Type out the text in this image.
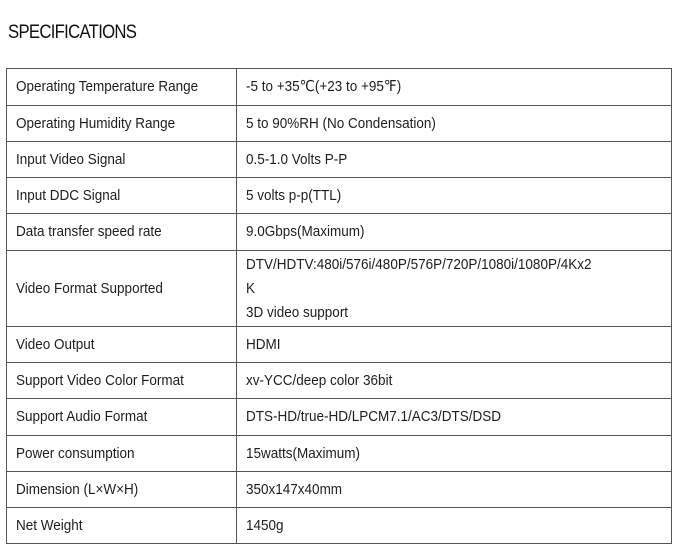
SPECIFICATIONS
Operating Temperature Range	-5 to +35℃(+23 to +95℉)
Operating Humidity Range	5 to 90%RH (No Condensation)
Input Video Signal	0.5-1.0 Volts P-P
Input DDC Signal	5 volts p-p(TTL)
Data transfer speed rate	9.0Gbps(Maximum)
Video Format Supported	DTV/HDTV:480i/576i/480P/576P/720P/1080i/1080P/4Kx2
K
3D video support

Video Output	HDMI
Support Video Color Format	xv-YCC/deep color 36bit
Support Audio Format	DTS-HD/true-HD/LPCM7.1/AC3/DTS/DSD
Power consumption	15watts(Maximum)
Dimension (L×W×H)	350x147x40mm
Net Weight	1450g
